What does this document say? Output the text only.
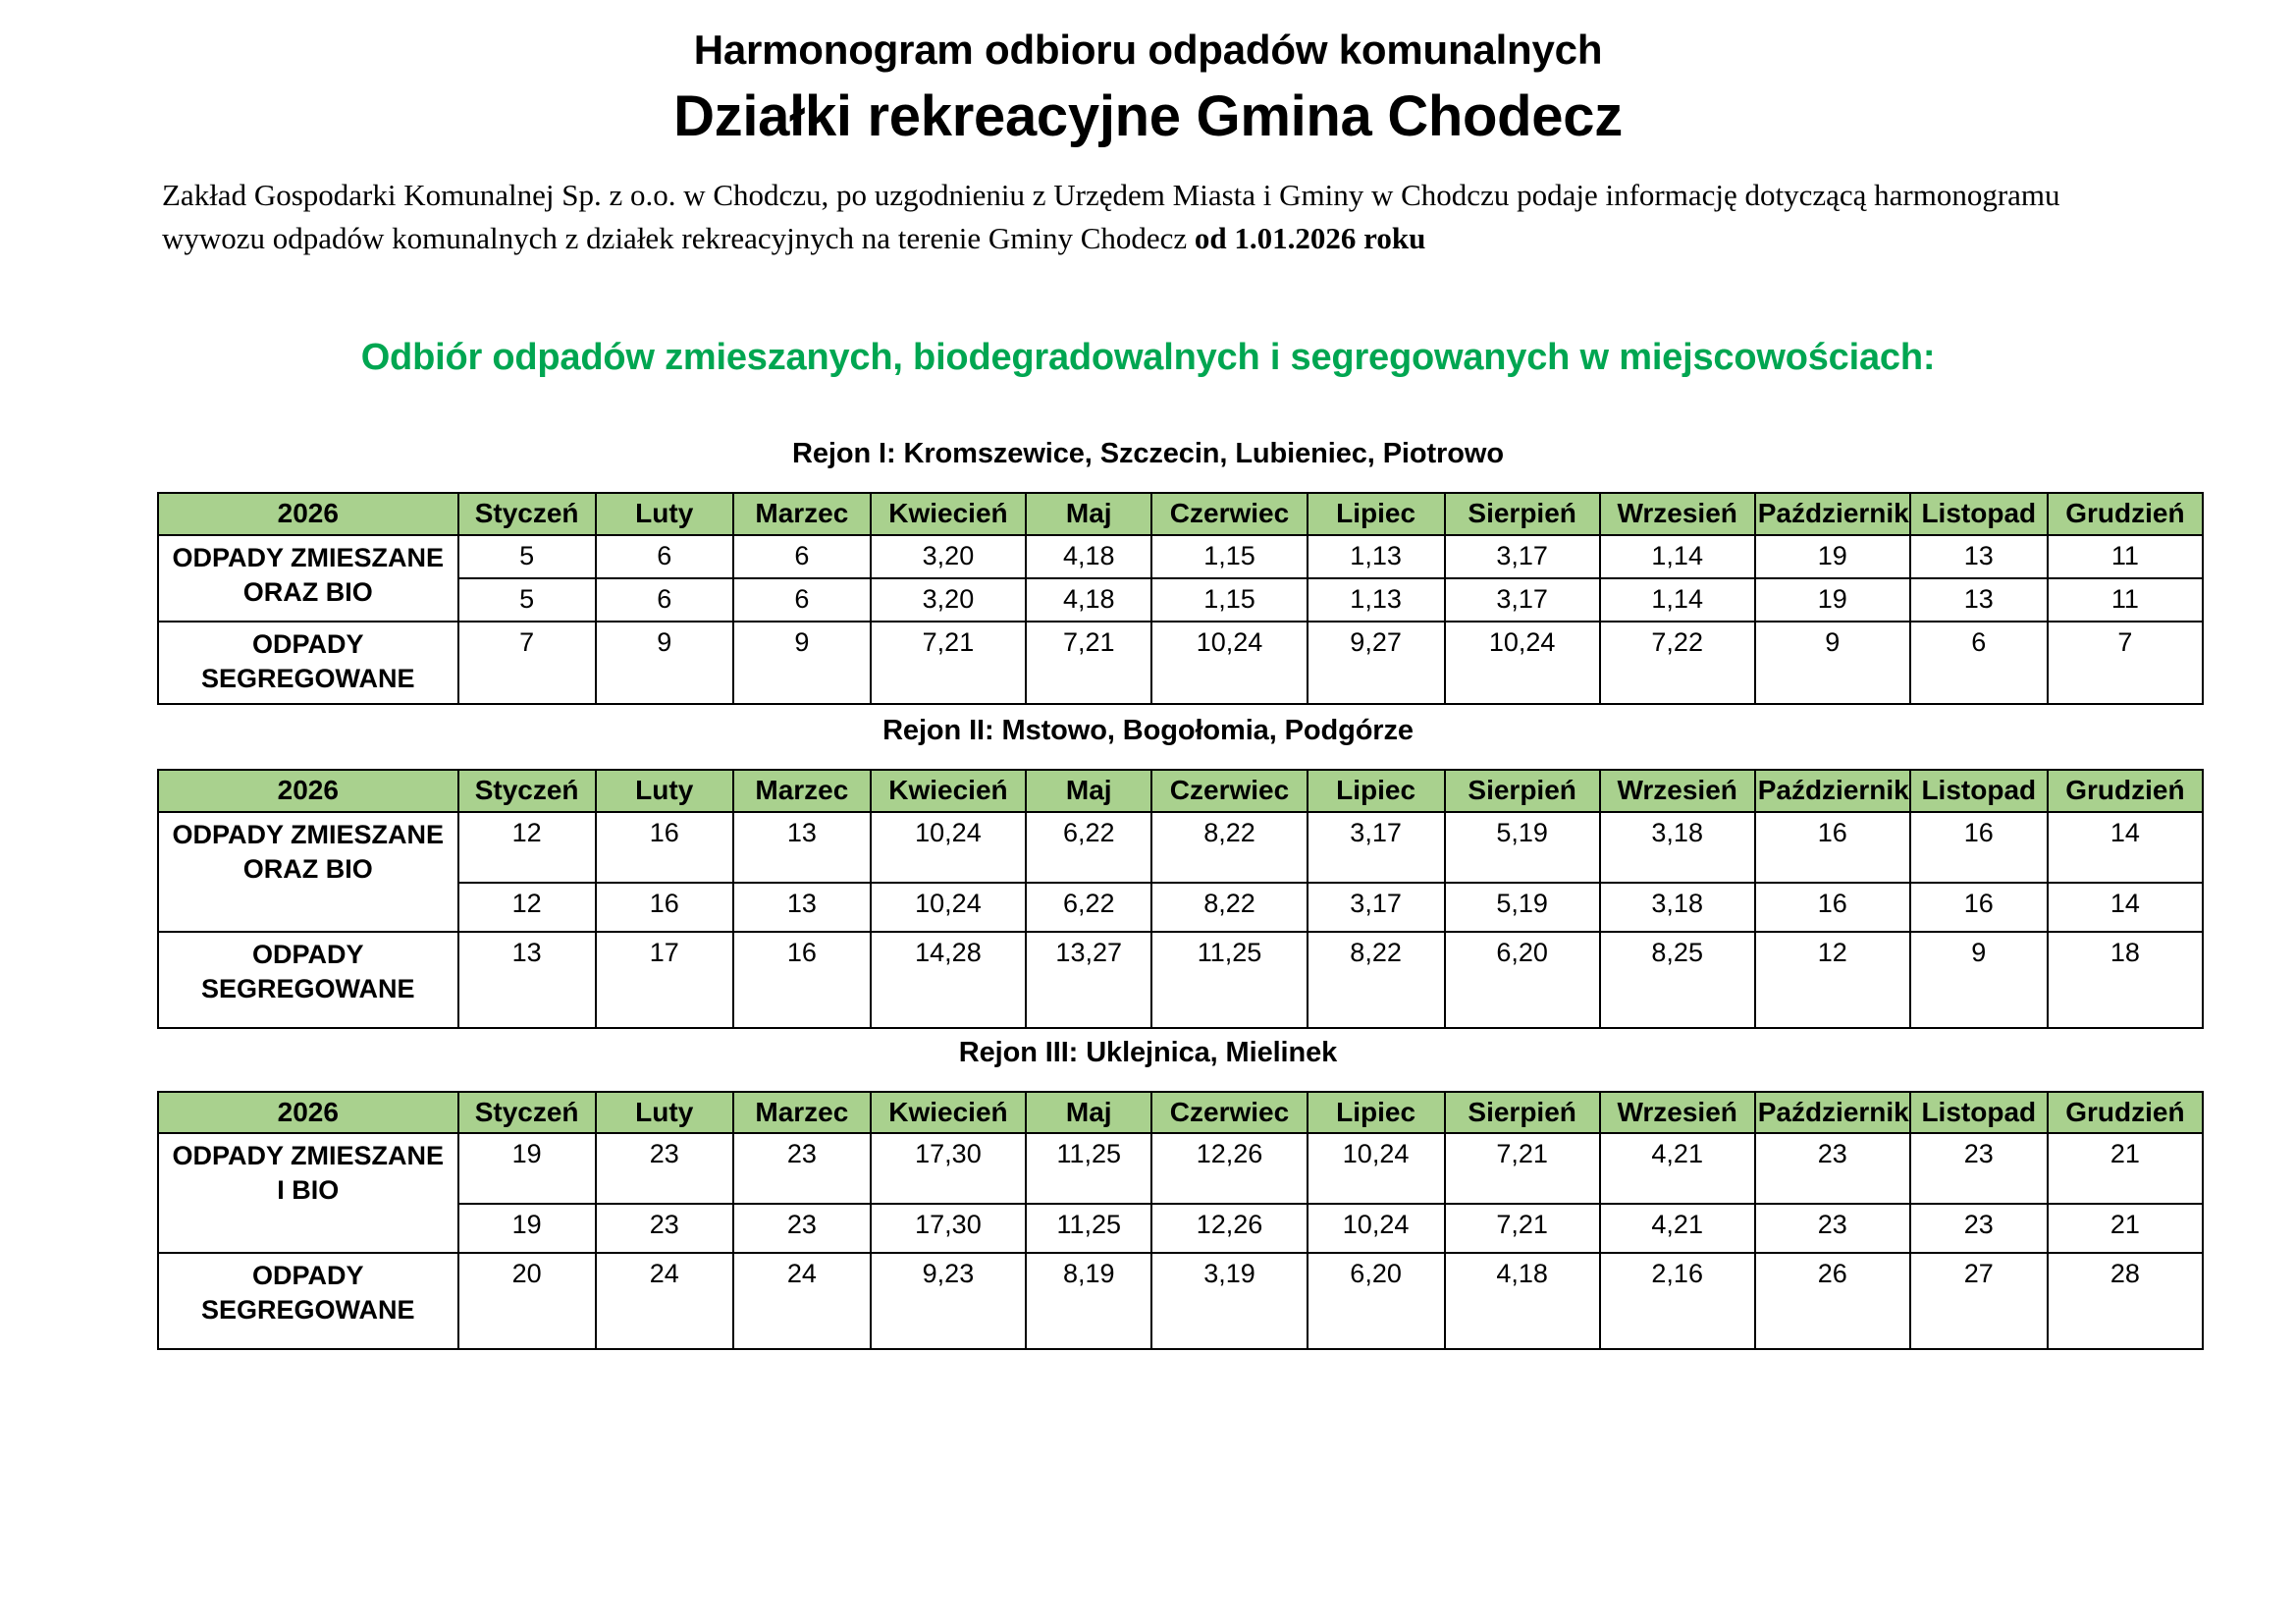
Harmonogram odbioru odpadów komunalnych
Działki rekreacyjne Gmina Chodecz

Zakład Gospodarki Komunalnej Sp. z o.o. w Chodczu, po uzgodnieniu z Urzędem Miasta i Gminy w Chodczu podaje informację dotyczącą harmonogramu wywozu odpadów komunalnych z działek rekreacyjnych na terenie Gminy Chodecz od 1.01.2026 roku

Odbiór odpadów zmieszanych, biodegradowalnych i segregowanych w miejscowościach:
Rejon I: Kromszewice, Szczecin, Lubieniec, Piotrowo
2026	Styczeń	Luty	Marzec	Kwiecień	Maj	Czerwiec	Lipiec	Sierpień	Wrzesień	Październik	Listopad	Grudzień
ODPADY ZMIESZANE
ORAZ BIO	5	6	6	3,20	4,18	1,15	1,13	3,17	1,14	19	13	11
	5	6	6	3,20	4,18	1,15	1,13	3,17	1,14	19	13	11
ODPADY
SEGREGOWANE	7	9	9	7,21	7,21	10,24	9,27	10,24	7,22	9	6	7
Rejon II: Mstowo, Bogołomia, Podgórze
2026	Styczeń	Luty	Marzec	Kwiecień	Maj	Czerwiec	Lipiec	Sierpień	Wrzesień	Październik	Listopad	Grudzień
ODPADY ZMIESZANE
ORAZ BIO	12	16	13	10,24	6,22	8,22	3,17	5,19	3,18	16	16	14
	12	16	13	10,24	6,22	8,22	3,17	5,19	3,18	16	16	14
ODPADY
SEGREGOWANE	13	17	16	14,28	13,27	11,25	8,22	6,20	8,25	12	9	18
Rejon III: Uklejnica, Mielinek
2026	Styczeń	Luty	Marzec	Kwiecień	Maj	Czerwiec	Lipiec	Sierpień	Wrzesień	Październik	Listopad	Grudzień
ODPADY ZMIESZANE
I BIO	19	23	23	17,30	11,25	12,26	10,24	7,21	4,21	23	23	21
	19	23	23	17,30	11,25	12,26	10,24	7,21	4,21	23	23	21
ODPADY
SEGREGOWANE	20	24	24	9,23	8,19	3,19	6,20	4,18	2,16	26	27	28
